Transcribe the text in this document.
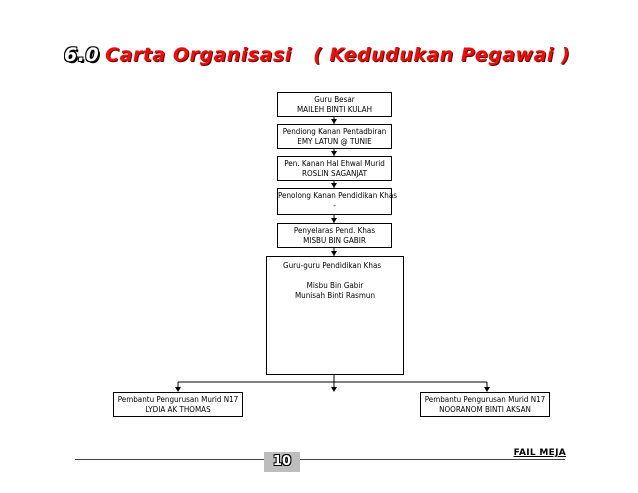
6.0 Carta Organisasi   ( Kedudukan Pegawai )
Guru Besar
MAILEH BINTI KULAH
Pendiong Kanan Pentadbiran
EMY LATUN @ TUNIE
Pen. Kanan Hal Ehwal Murid
ROSLIN SAGANJAT
Penolong Kanan Pendidikan Khas
-
Penyelaras Pend. Khas
MISBU BIN GABIR
Guru-guru Pendidikan Khas
Misbu Bin Gabir
Munisah Binti Rasmun
Pembantu Pengurusan Murid N17
LYDIA AK THOMAS
Pembantu Pengurusan Murid N17
NOORANOM BINTI AKSAN
10
FAIL MEJA
